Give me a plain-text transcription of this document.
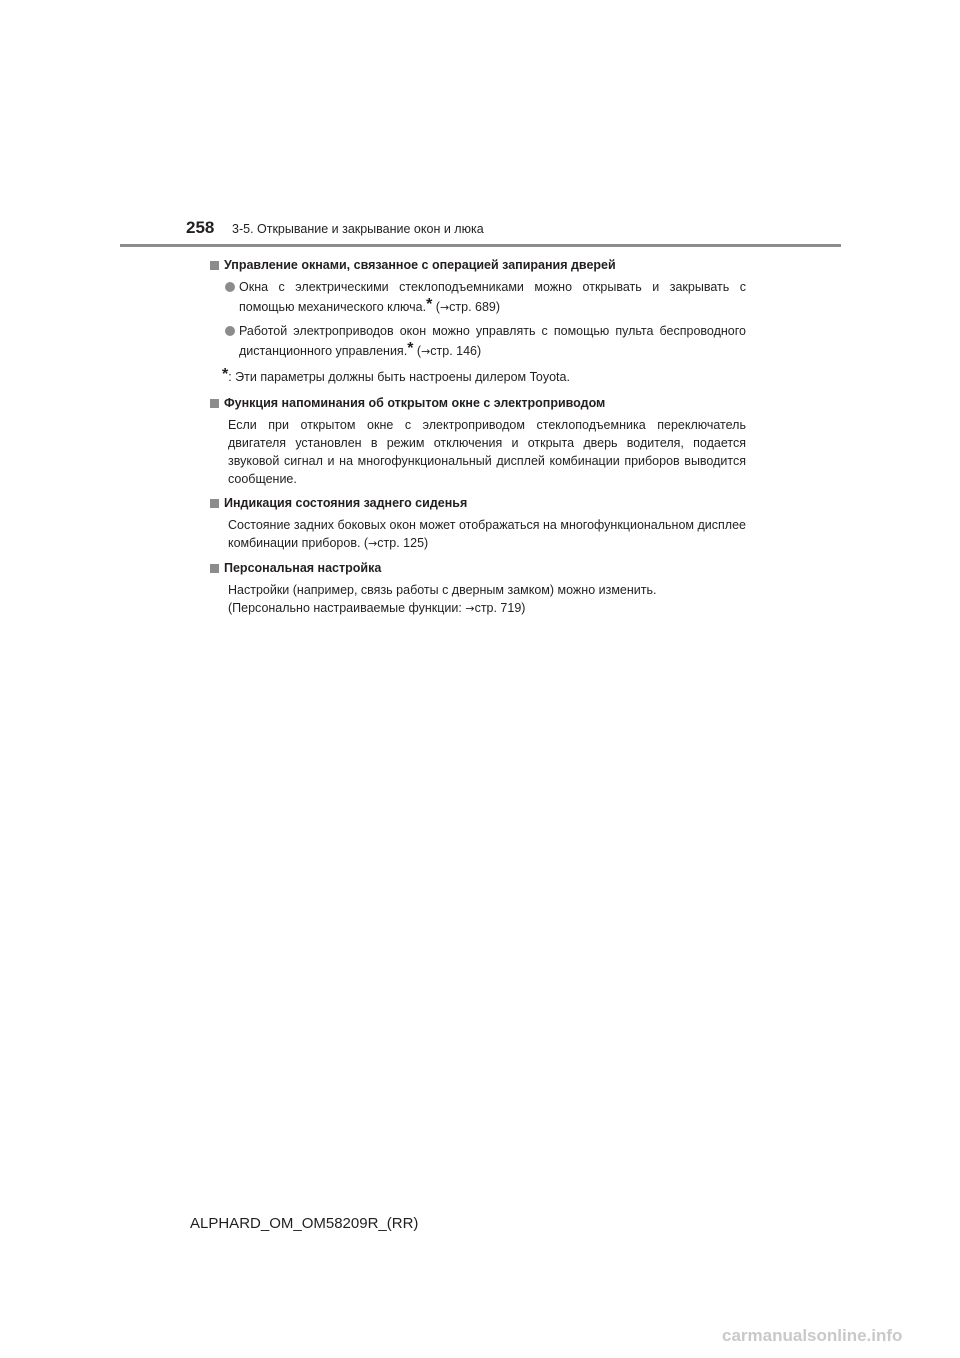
258 3-5. Открывание и закрывание окон и люка
Управление окнами, связанное с операцией запирания дверей
Окна с электрическими стеклоподъемниками можно открывать и закрывать с помощью механического ключа.* (→стр. 689)
Работой электроприводов окон можно управлять с помощью пульта беспроводного дистанционного управления.* (→стр. 146)
*: Эти параметры должны быть настроены дилером Toyota.
Функция напоминания об открытом окне с электроприводом
Если при открытом окне с электроприводом стеклоподъемника переключатель двигателя установлен в режим отключения и открыта дверь водителя, подается звуковой сигнал и на многофункциональный дисплей комбинации приборов выводится сообщение.
Индикация состояния заднего сиденья
Состояние задних боковых окон может отображаться на многофункциональном дисплее комбинации приборов. (→стр. 125)
Персональная настройка
Настройки (например, связь работы с дверным замком) можно изменить.
(Персонально настраиваемые функции: →стр. 719)
ALPHARD_OM_OM58209R_(RR)
carmanualsonline.info
